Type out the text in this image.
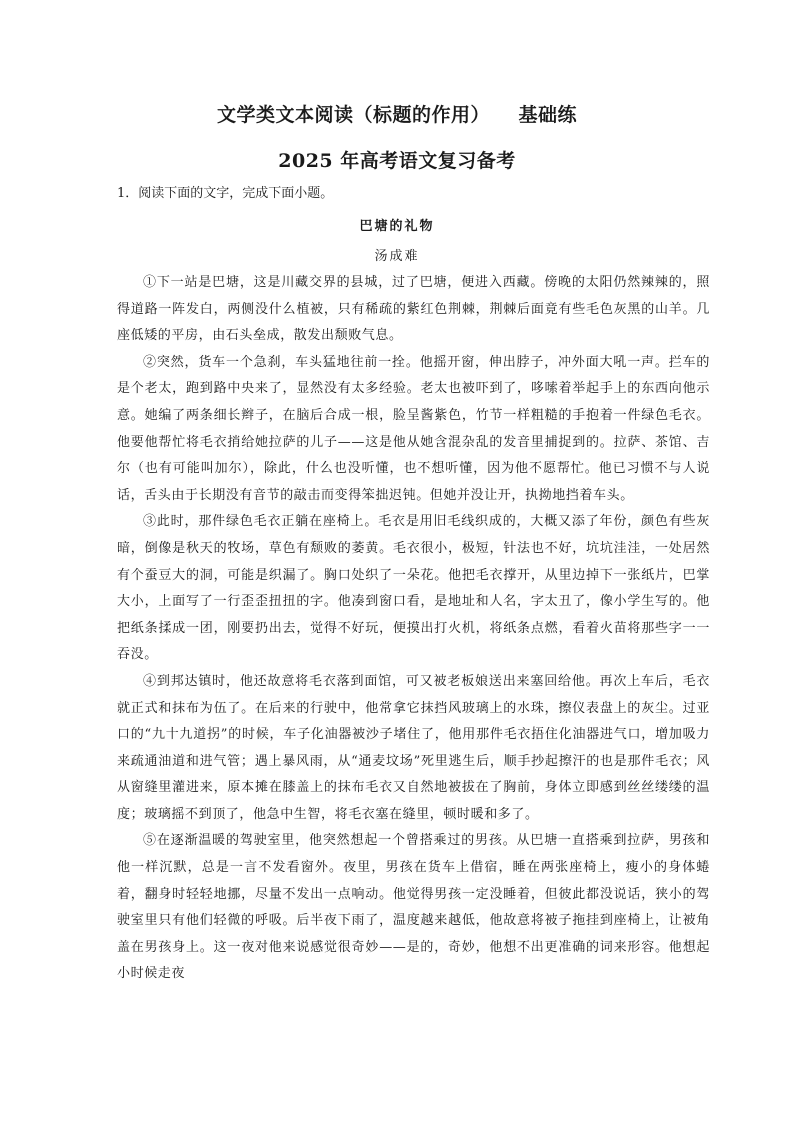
文学类文本阅读（标题的作用）    基础练
2025 年高考语文复习备考
1．阅读下面的文字，完成下面小题。
巴塘的礼物
汤成难

①下一站是巴塘，这是川藏交界的县城，过了巴塘，便进入西藏。傍晚的太阳仍然辣辣的，照得道路一阵发白，两侧没什么植被，只有稀疏的紫红色荆棘，荆棘后面竟有些毛色灰黑的山羊。几座低矮的平房，由石头垒成，散发出颓败气息。

②突然，货车一个急刹，车头猛地往前一拴。他摇开窗，伸出脖子，冲外面大吼一声。拦车的是个老太，跑到路中央来了，显然没有太多经验。老太也被吓到了，哆嗦着举起手上的东西向他示意。她编了两条细长辫子，在脑后合成一根，脸呈酱紫色，竹节一样粗糙的手抱着一件绿色毛衣。他要他帮忙将毛衣捎给她拉萨的儿子——这是他从她含混杂乱的发音里捕捉到的。拉萨、茶馆、吉尔（也有可能叫加尔），除此，什么也没听懂，也不想听懂，因为他不愿帮忙。他已习惯不与人说话，舌头由于长期没有音节的敲击而变得笨拙迟钝。但她并没让开，执拗地挡着车头。

③此时，那件绿色毛衣正躺在座椅上。毛衣是用旧毛线织成的，大概又添了年份，颜色有些灰暗，倒像是秋天的牧场，草色有颓败的萎黄。毛衣很小，极短，针法也不好，坑坑洼洼，一处居然有个蚕豆大的洞，可能是织漏了。胸口处织了一朵花。他把毛衣撑开，从里边掉下一张纸片，巴掌大小，上面写了一行歪歪扭扭的字。他凑到窗口看，是地址和人名，字太丑了，像小学生写的。他把纸条揉成一团，刚要扔出去，觉得不好玩，便摸出打火机，将纸条点燃，看着火苗将那些字一一吞没。

④到邦达镇时，他还故意将毛衣落到面馆，可又被老板娘送出来塞回给他。再次上车后，毛衣就正式和抹布为伍了。在后来的行驶中，他常拿它抹挡风玻璃上的水珠，擦仪表盘上的灰尘。过亚口的“九十九道拐”的时候，车子化油器被沙子堵住了，他用那件毛衣捂住化油器进气口，增加吸力来疏通油道和进气管；遇上暴风雨，从“通麦坟场”死里逃生后，顺手抄起擦汗的也是那件毛衣；风从窗缝里灌进来，原本摊在膝盖上的抹布毛衣又自然地被拔在了胸前，身体立即感到丝丝缕缕的温度；玻璃摇不到顶了，他急中生智，将毛衣塞在缝里，顿时暖和多了。

⑤在逐渐温暖的驾驶室里，他突然想起一个曾搭乘过的男孩。从巴塘一直搭乘到拉萨，男孩和他一样沉默，总是一言不发看窗外。夜里，男孩在货车上借宿，睡在两张座椅上，瘦小的身体蜷着，翻身时轻轻地挪，尽量不发出一点响动。他觉得男孩一定没睡着，但彼此都没说话，狭小的驾驶室里只有他们轻微的呼吸。后半夜下雨了，温度越来越低，他故意将被子拖挂到座椅上，让被角盖在男孩身上。这一夜对他来说感觉很奇妙——是的，奇妙，他想不出更准确的词来形容。他想起小时候走夜
